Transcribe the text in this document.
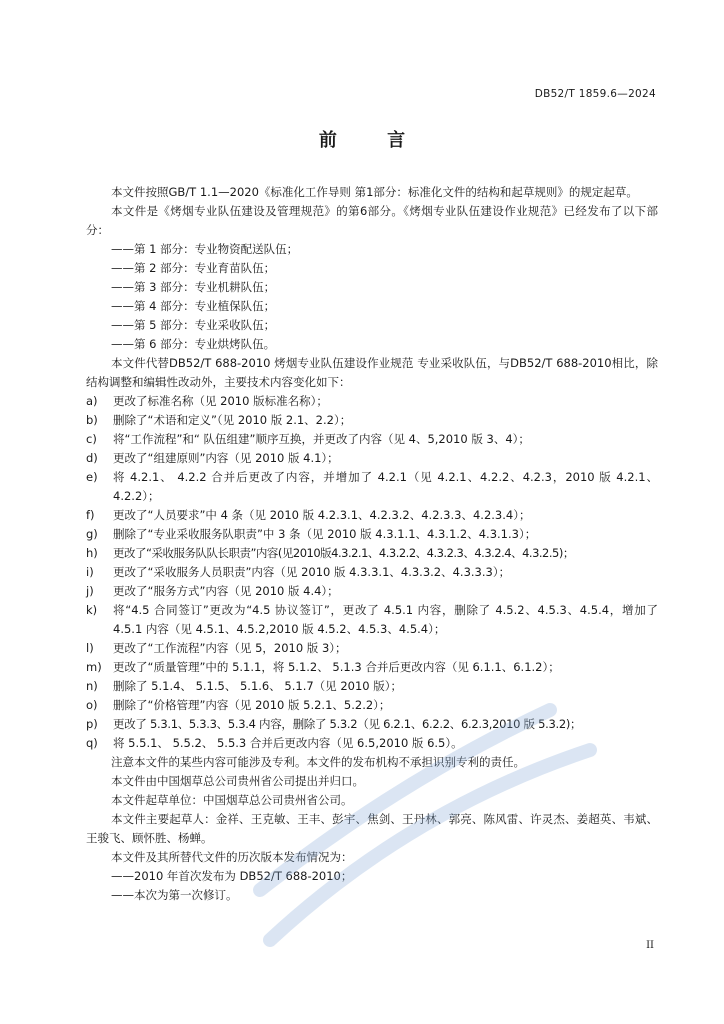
DB52/T 1859.6—2024
前 言

本文件按照GB/T 1.1—2020《标准化工作导则 第1部分：标准化文件的结构和起草规则》的规定起草。

本文件是《烤烟专业队伍建设及管理规范》的第6部分。《烤烟专业队伍建设作业规范》已经发布了以下部分：

——第 1 部分：专业物资配送队伍；

——第 2 部分：专业育苗队伍；

——第 3 部分：专业机耕队伍；

——第 4 部分：专业植保队伍；

——第 5 部分：专业采收队伍；

——第 6 部分：专业烘烤队伍。

本文件代替DB52/T 688-2010 烤烟专业队伍建设作业规范 专业采收队伍，与DB52/T 688-2010相比，除结构调整和编辑性改动外，主要技术内容变化如下：

a)	更改了标准名称（见 2010 版标准名称）；
b)	删除了“术语和定义”（见 2010 版 2.1、2.2）；
c)	将“工作流程”和“ 队伍组建”顺序互换，并更改了内容（见 4、5,2010 版 3、4）；
d)	更改了“组建原则”内容（见 2010 版 4.1）；
e)	将 4.2.1、 4.2.2 合并后更改了内容，并增加了 4.2.1（见 4.2.1、4.2.2、4.2.3，2010 版 4.2.1、4.2.2）；
f)	更改了“人员要求”中 4 条（见 2010 版 4.2.3.1、4.2.3.2、4.2.3.3、4.2.3.4）；
g)	删除了“专业采收服务队职责”中 3 条（见 2010 版 4.3.1.1、4.3.1.2、4.3.1.3）；
h)	更改了“采收服务队队长职责”内容(见2010版4.3.2.1、4.3.2.2、4.3.2.3、4.3.2.4、4.3.2.5)；
i)	更改了“采收服务人员职责”内容（见 2010 版 4.3.3.1、4.3.3.2、4.3.3.3）；
j)	更改了“服务方式”内容（见 2010 版 4.4）；
k)	将“4.5 合同签订”更改为“4.5 协议签订”，更改了 4.5.1 内容，删除了 4.5.2、4.5.3、4.5.4，增加了 4.5.1 内容（见 4.5.1、4.5.2,2010 版 4.5.2、4.5.3、4.5.4）；
l)	更改了“工作流程”内容（见 5，2010 版 3）；
m) 更改了“质量管理”中的 5.1.1，将 5.1.2、 5.1.3 合并后更改内容（见 6.1.1、6.1.2）；
n)	删除了 5.1.4、 5.1.5、 5.1.6、 5.1.7（见 2010 版）；
o)	删除了“价格管理”内容（见 2010 版 5.2.1、5.2.2）；
p)	更改了 5.3.1、5.3.3、5.3.4 内容，删除了 5.3.2（见 6.2.1、6.2.2、6.2.3,2010 版 5.3.2)；
q)	将 5.5.1、 5.5.2、 5.5.3 合并后更改内容（见 6.5,2010 版 6.5）。

注意本文件的某些内容可能涉及专利。本文件的发布机构不承担识别专利的责任。

本文件由中国烟草总公司贵州省公司提出并归口。

本文件起草单位：中国烟草总公司贵州省公司。

本文件主要起草人：金祥、王克敏、王丰、彭宇、焦剑、王丹林、郭亮、陈风雷、许灵杰、姜超英、韦斌、王骏飞、顾怀胜、杨蝉。

本文件及其所替代文件的历次版本发布情况为：

——2010 年首次发布为 DB52/T 688-2010；

——本次为第一次修订。

II
